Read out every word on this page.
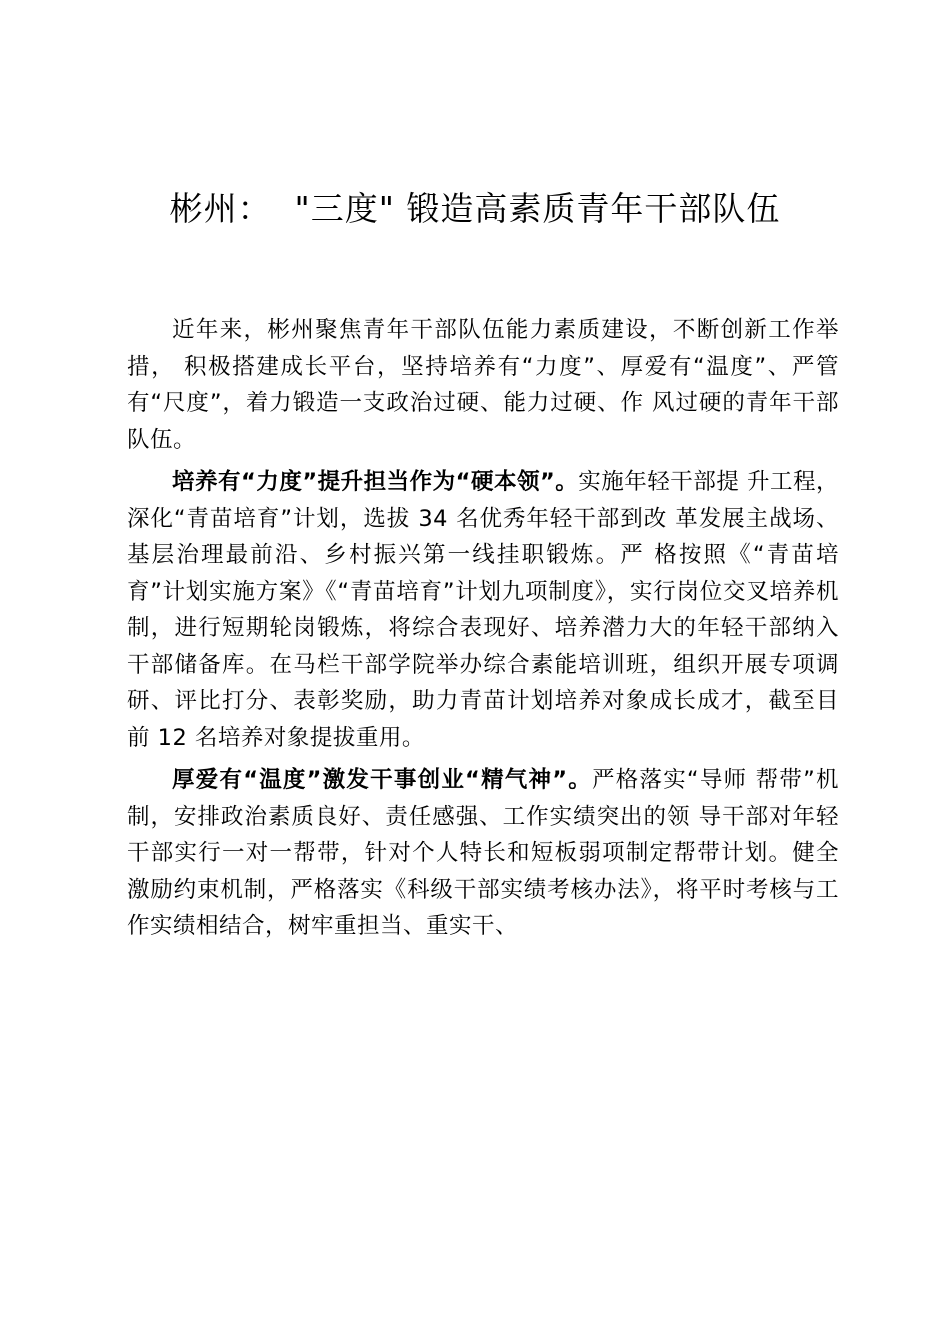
彬州：  "三度" 锻造高素质青年干部队伍

近年来，彬州聚焦青年干部队伍能力素质建设，不断创新工作举措， 积极搭建成长平台，坚持培养有“力度”、厚爱有“温度”、严管有“尺度”，着力锻造一支政治过硬、能力过硬、作 风过硬的青年干部队伍。

培养有“力度”提升担当作为“硬本领”。实施年轻干部提 升工程， 深化“青苗培育”计划，选拔 34 名优秀年轻干部到改 革发展主战场、基层治理最前沿、乡村振兴第一线挂职锻炼。严 格按照《“青苗培育”计划实施方案》《“青苗培育”计划九项制度》，实行岗位交叉培养机制，进行短期轮岗锻炼，将综合表现好、培养潜力大的年轻干部纳入干部储备库。在马栏干部学院举办综合素能培训班，组织开展专项调研、评比打分、表彰奖励，助力青苗计划培养对象成长成才，截至目前 12 名培养对象提拔重用。

厚爱有“温度”激发干事创业“精气神”。严格落实“导师 帮带”机制，安排政治素质良好、责任感强、工作实绩突出的领 导干部对年轻干部实行一对一帮带，针对个人特长和短板弱项制定帮带计划。健全激励约束机制，严格落实《科级干部实绩考核办法》，将平时考核与工作实绩相结合，树牢重担当、重实干、
